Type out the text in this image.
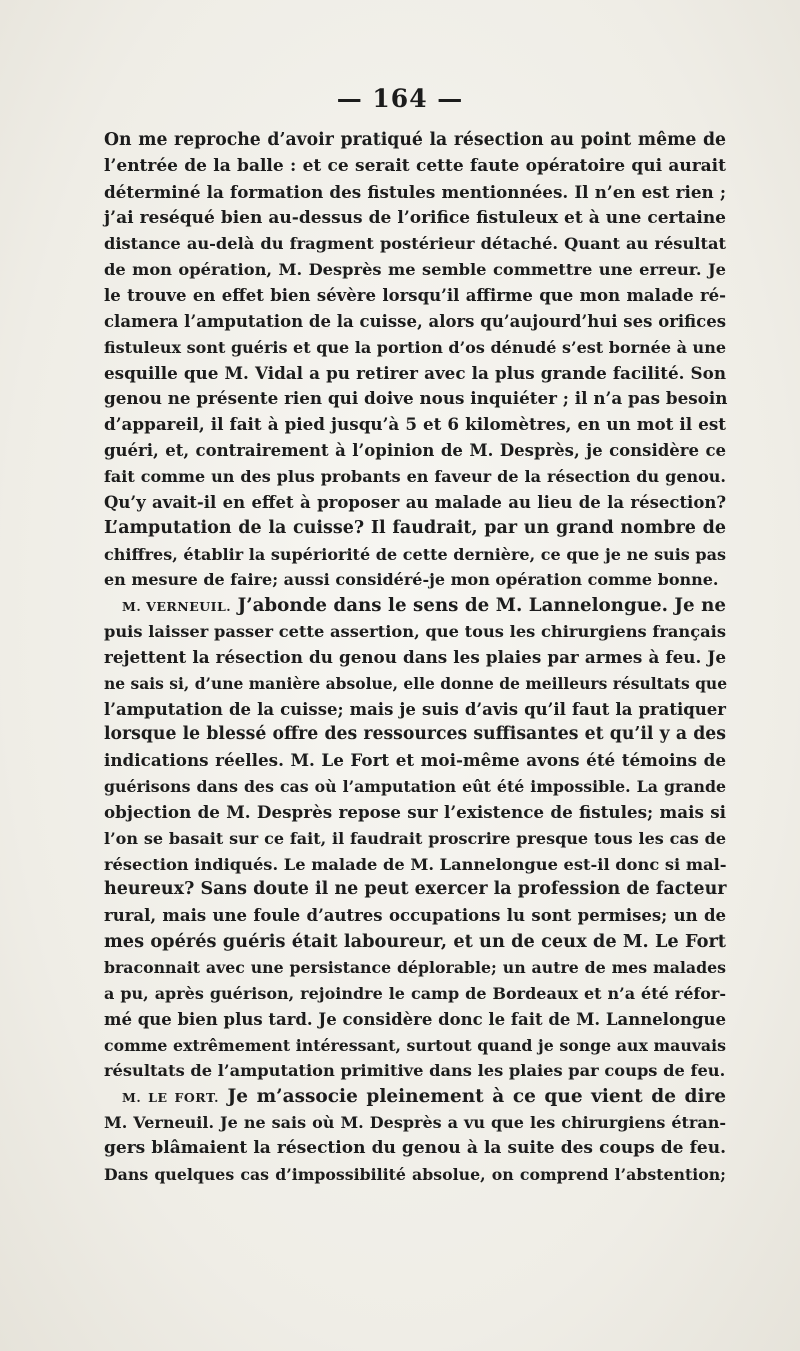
— 164 —
On me reproche d’avoir pratiqué la résection au point même de
l’entrée de la balle : et ce serait cette faute opératoire qui aurait
déterminé la formation des fistules mentionnées. Il n’en est rien ;
j’ai reséqué bien au-dessus de l’orifice fistuleux et à une certaine
distance au-delà du fragment postérieur détaché. Quant au résultat
de mon opération, M. Desprès me semble commettre une erreur. Je
le trouve en effet bien sévère lorsqu’il affirme que mon malade ré-
clamera l’amputation de la cuisse, alors qu’aujourd’hui ses orifices
fistuleux sont guéris et que la portion d’os dénudé s’est bornée à une
esquille que M. Vidal a pu retirer avec la plus grande facilité. Son
genou ne présente rien qui doive nous inquiéter ; il n’a pas besoin
d’appareil, il fait à pied jusqu’à 5 et 6 kilomètres, en un mot il est
guéri, et, contrairement à l’opinion de M. Desprès, je considère ce
fait comme un des plus probants en faveur de la résection du genou.
Qu’y avait-il en effet à proposer au malade au lieu de la résection?
L’amputation de la cuisse? Il faudrait, par un grand nombre de
chiffres, établir la supériorité de cette dernière, ce que je ne suis pas
en mesure de faire; aussi considéré-je mon opération comme bonne.
M. VERNEUIL. J’abonde dans le sens de M. Lannelongue. Je ne
puis laisser passer cette assertion, que tous les chirurgiens français
rejettent la résection du genou dans les plaies par armes à feu. Je
ne sais si, d’une manière absolue, elle donne de meilleurs résultats que
l’amputation de la cuisse; mais je suis d’avis qu’il faut la pratiquer
lorsque le blessé offre des ressources suffisantes et qu’il y a des
indications réelles. M. Le Fort et moi-même avons été témoins de
guérisons dans des cas où l’amputation eût été impossible. La grande
objection de M. Desprès repose sur l’existence de fistules; mais si
l’on se basait sur ce fait, il faudrait proscrire presque tous les cas de
résection indiqués. Le malade de M. Lannelongue est-il donc si mal-
heureux? Sans doute il ne peut exercer la profession de facteur
rural, mais une foule d’autres occupations lu sont permises; un de
mes opérés guéris était laboureur, et un de ceux de M. Le Fort
braconnait avec une persistance déplorable; un autre de mes malades
a pu, après guérison, rejoindre le camp de Bordeaux et n’a été réfor-
mé que bien plus tard. Je considère donc le fait de M. Lannelongue
comme extrêmement intéressant, surtout quand je songe aux mauvais
résultats de l’amputation primitive dans les plaies par coups de feu.
M. LE FORT. Je m’associe pleinement à ce que vient de dire
M. Verneuil. Je ne sais où M. Desprès a vu que les chirurgiens étran-
gers blâmaient la résection du genou à la suite des coups de feu.
Dans quelques cas d’impossibilité absolue, on comprend l’abstention;
